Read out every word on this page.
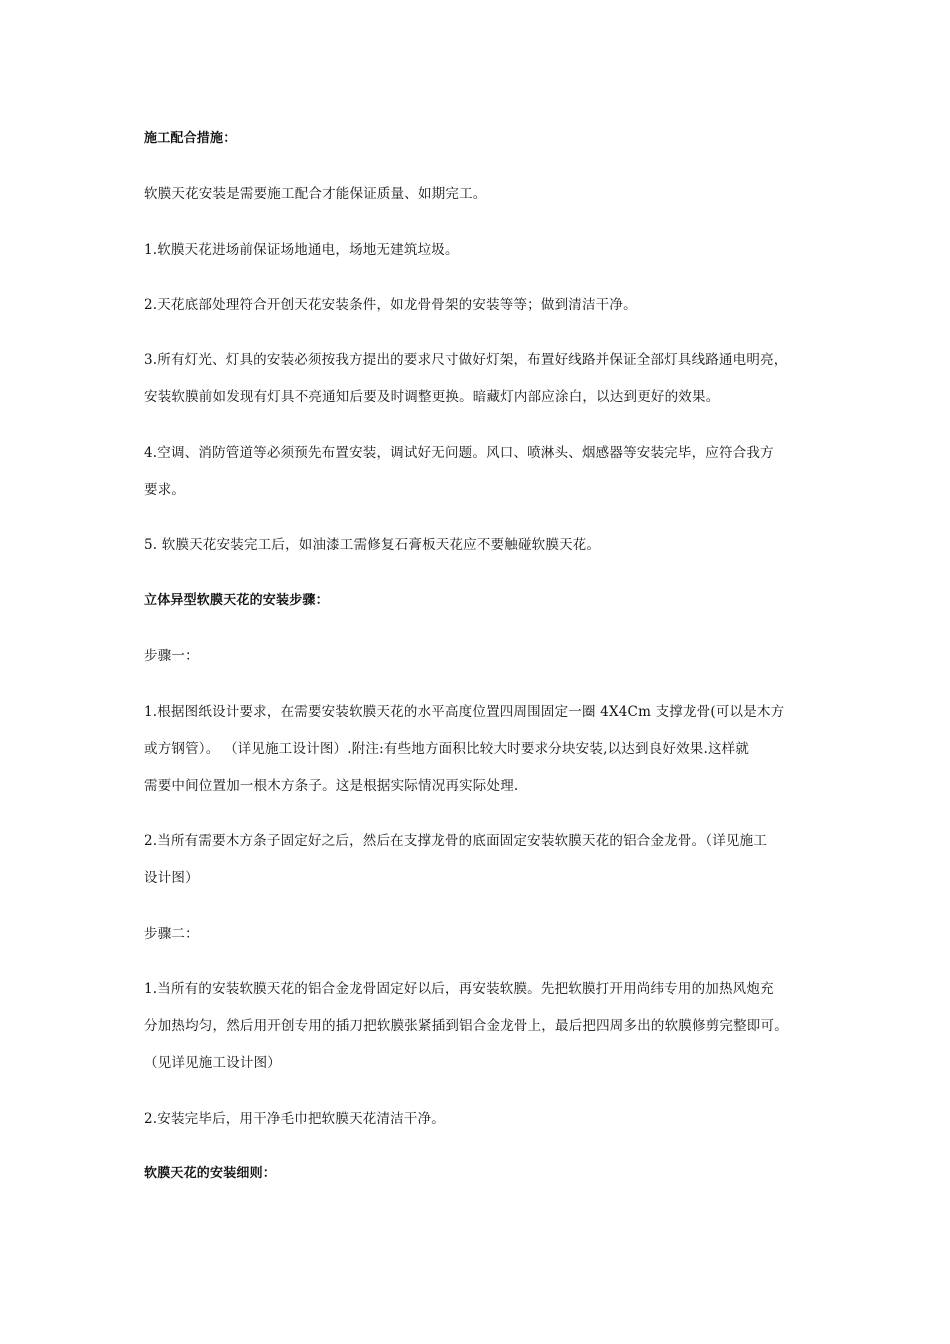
施工配合措施：
软膜天花安装是需要施工配合才能保证质量、如期完工。
1.软膜天花进场前保证场地通电，场地无建筑垃圾。
2.天花底部处理符合开创天花安装条件，如龙骨骨架的安装等等；做到清洁干净。
3.所有灯光、灯具的安装必须按我方提出的要求尺寸做好灯架，布置好线路并保证全部灯具线路通电明亮，
安装软膜前如发现有灯具不亮通知后要及时调整更换。暗藏灯内部应涂白，以达到更好的效果。
4.空调、消防管道等必须预先布置安装，调试好无问题。风口、喷淋头、烟感器等安装完毕，应符合我方
要求。
5. 软膜天花安装完工后，如油漆工需修复石膏板天花应不要触碰软膜天花。
立体异型软膜天花的安装步骤：
步骤一：
1.根据图纸设计要求，在需要安装软膜天花的水平高度位置四周围固定一圈 4X4Cm 支撑龙骨(可以是木方
或方钢管）。 （详见施工设计图）.附注:有些地方面积比较大时要求分块安装,以达到良好效果.这样就
需要中间位置加一根木方条子。这是根据实际情况再实际处理.
2.当所有需要木方条子固定好之后，然后在支撑龙骨的底面固定安装软膜天花的铝合金龙骨。（详见施工
设计图）
步骤二：
1.当所有的安装软膜天花的铝合金龙骨固定好以后，再安装软膜。先把软膜打开用尚纬专用的加热风炮充
分加热均匀，然后用开创专用的插刀把软膜张紧插到铝合金龙骨上，最后把四周多出的软膜修剪完整即可。
（见详见施工设计图）
2.安装完毕后，用干净毛巾把软膜天花清洁干净。
软膜天花的安装细则：
